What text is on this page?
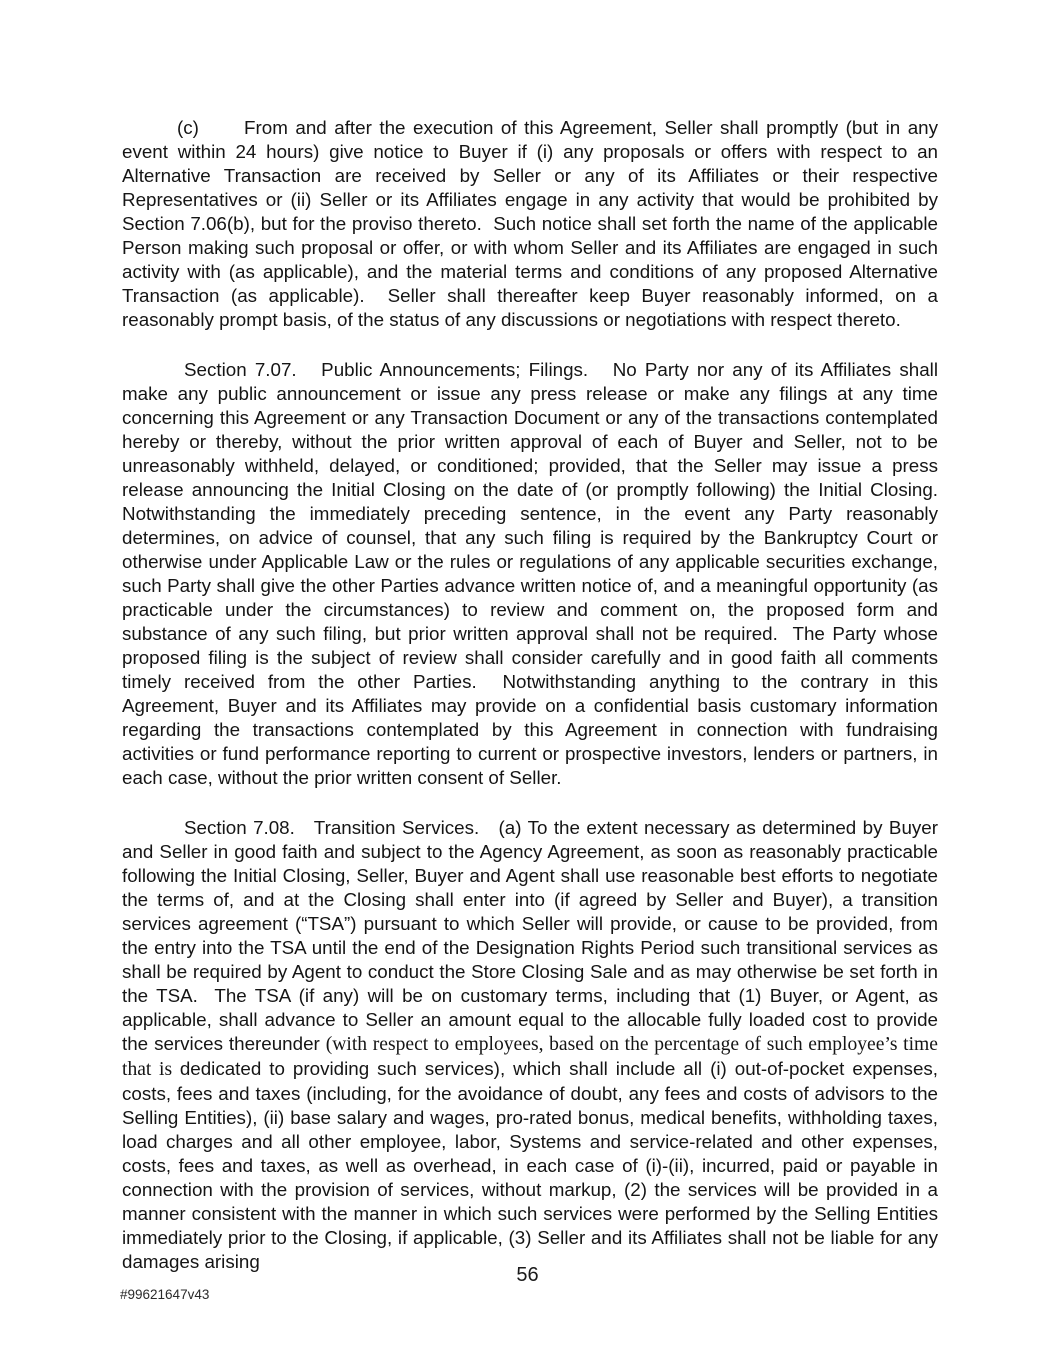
(c)      From and after the execution of this Agreement, Seller shall promptly (but in any event within 24 hours) give notice to Buyer if (i) any proposals or offers with respect to an Alternative Transaction are received by Seller or any of its Affiliates or their respective Representatives or (ii) Seller or its Affiliates engage in any activity that would be prohibited by Section 7.06(b), but for the proviso thereto.  Such notice shall set forth the name of the applicable Person making such proposal or offer, or with whom Seller and its Affiliates are engaged in such activity with (as applicable), and the material terms and conditions of any proposed Alternative Transaction (as applicable).  Seller shall thereafter keep Buyer reasonably informed, on a reasonably prompt basis, of the status of any discussions or negotiations with respect thereto.

Section 7.07.   Public Announcements; Filings.   No Party nor any of its Affiliates shall make any public announcement or issue any press release or make any filings at any time concerning this Agreement or any Transaction Document or any of the transactions contemplated hereby or thereby, without the prior written approval of each of Buyer and Seller, not to be unreasonably withheld, delayed, or conditioned; provided, that the Seller may issue a press release announcing the Initial Closing on the date of (or promptly following) the Initial Closing.  Notwithstanding the immediately preceding sentence, in the event any Party reasonably determines, on advice of counsel, that any such filing is required by the Bankruptcy Court or otherwise under Applicable Law or the rules or regulations of any applicable securities exchange, such Party shall give the other Parties advance written notice of, and a meaningful opportunity (as practicable under the circumstances) to review and comment on, the proposed form and substance of any such filing, but prior written approval shall not be required.  The Party whose proposed filing is the subject of review shall consider carefully and in good faith all comments timely received from the other Parties.  Notwithstanding anything to the contrary in this Agreement, Buyer and its Affiliates may provide on a confidential basis customary information regarding the transactions contemplated by this Agreement in connection with fundraising activities or fund performance reporting to current or prospective investors, lenders or partners, in each case, without the prior written consent of Seller.

Section 7.08.   Transition Services.   (a) To the extent necessary as determined by Buyer and Seller in good faith and subject to the Agency Agreement, as soon as reasonably practicable following the Initial Closing, Seller, Buyer and Agent shall use reasonable best efforts to negotiate the terms of, and at the Closing shall enter into (if agreed by Seller and Buyer), a transition services agreement (“TSA”) pursuant to which Seller will provide, or cause to be provided, from the entry into the TSA until the end of the Designation Rights Period such transitional services as shall be required by Agent to conduct the Store Closing Sale and as may otherwise be set forth in the TSA.  The TSA (if any) will be on customary terms, including that (1) Buyer, or Agent, as applicable, shall advance to Seller an amount equal to the allocable fully loaded cost to provide the services thereunder (with respect to employees, based on the percentage of such employee’s time that is dedicated to providing such services), which shall include all (i) out-of-pocket expenses, costs, fees and taxes (including, for the avoidance of doubt, any fees and costs of advisors to the Selling Entities), (ii) base salary and wages, pro-rated bonus, medical benefits, withholding taxes, load charges and all other employee, labor, Systems and service-related and other expenses, costs, fees and taxes, as well as overhead, in each case of (i)-(ii), incurred, paid or payable in connection with the provision of services, without markup, (2) the services will be provided in a manner consistent with the manner in which such services were performed by the Selling Entities immediately prior to the Closing, if applicable, (3) Seller and its Affiliates shall not be liable for any damages arising

56
#99621647v43
